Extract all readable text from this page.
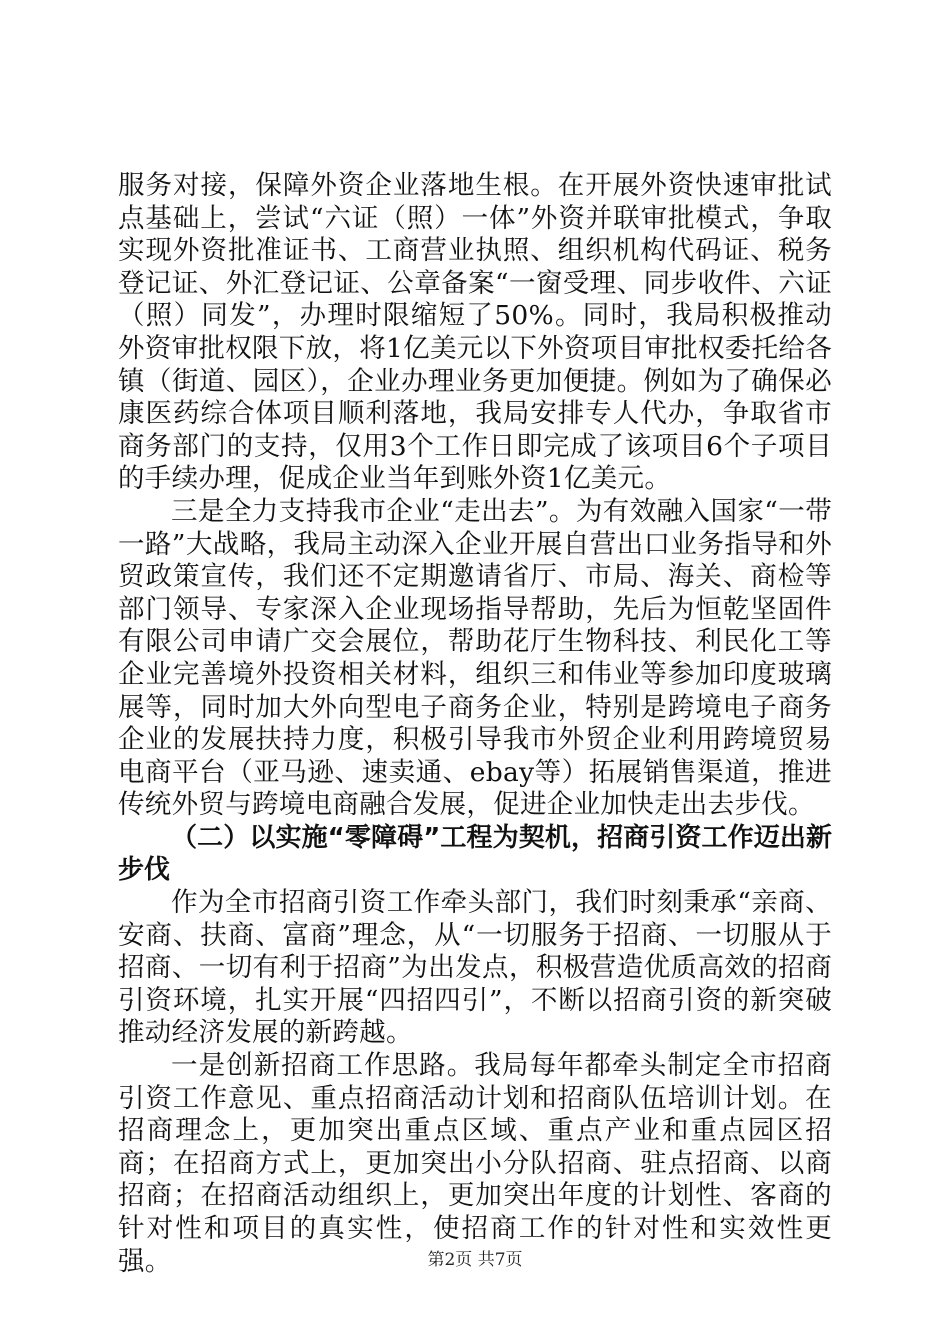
服务对接，保障外资企业落地生根。在开展外资快速审批试点基础上，尝试“六证（照）一体”外资并联审批模式，争取实现外资批准证书、工商营业执照、组织机构代码证、税务登记证、外汇登记证、公章备案“一窗受理、同步收件、六证（照）同发”，办理时限缩短了50%。同时，我局积极推动外资审批权限下放，将1亿美元以下外资项目审批权委托给各镇（街道、园区），企业办理业务更加便捷。例如为了确保必康医药综合体项目顺利落地，我局安排专人代办，争取省市商务部门的支持，仅用3个工作日即完成了该项目6个子项目的手续办理，促成企业当年到账外资1亿美元。

三是全力支持我市企业“走出去”。为有效融入国家“一带一路”大战略，我局主动深入企业开展自营出口业务指导和外贸政策宣传，我们还不定期邀请省厅、市局、海关、商检等部门领导、专家深入企业现场指导帮助，先后为恒乾坚固件有限公司申请广交会展位，帮助花厅生物科技、利民化工等企业完善境外投资相关材料，组织三和伟业等参加印度玻璃展等，同时加大外向型电子商务企业，特别是跨境电子商务企业的发展扶持力度，积极引导我市外贸企业利用跨境贸易电商平台（亚马逊、速卖通、ebay等）拓展销售渠道，推进传统外贸与跨境电商融合发展，促进企业加快走出去步伐。

（二）以实施“零障碍”工程为契机，招商引资工作迈出新步伐

作为全市招商引资工作牵头部门，我们时刻秉承“亲商、安商、扶商、富商”理念，从“一切服务于招商、一切服从于招商、一切有利于招商”为出发点，积极营造优质高效的招商引资环境，扎实开展“四招四引”，不断以招商引资的新突破推动经济发展的新跨越。

一是创新招商工作思路。我局每年都牵头制定全市招商引资工作意见、重点招商活动计划和招商队伍培训计划。在招商理念上，更加突出重点区域、重点产业和重点园区招商；在招商方式上，更加突出小分队招商、驻点招商、以商招商；在招商活动组织上，更加突出年度的计划性、客商的针对性和项目的真实性，使招商工作的针对性和实效性更强。	第2页 共7页
